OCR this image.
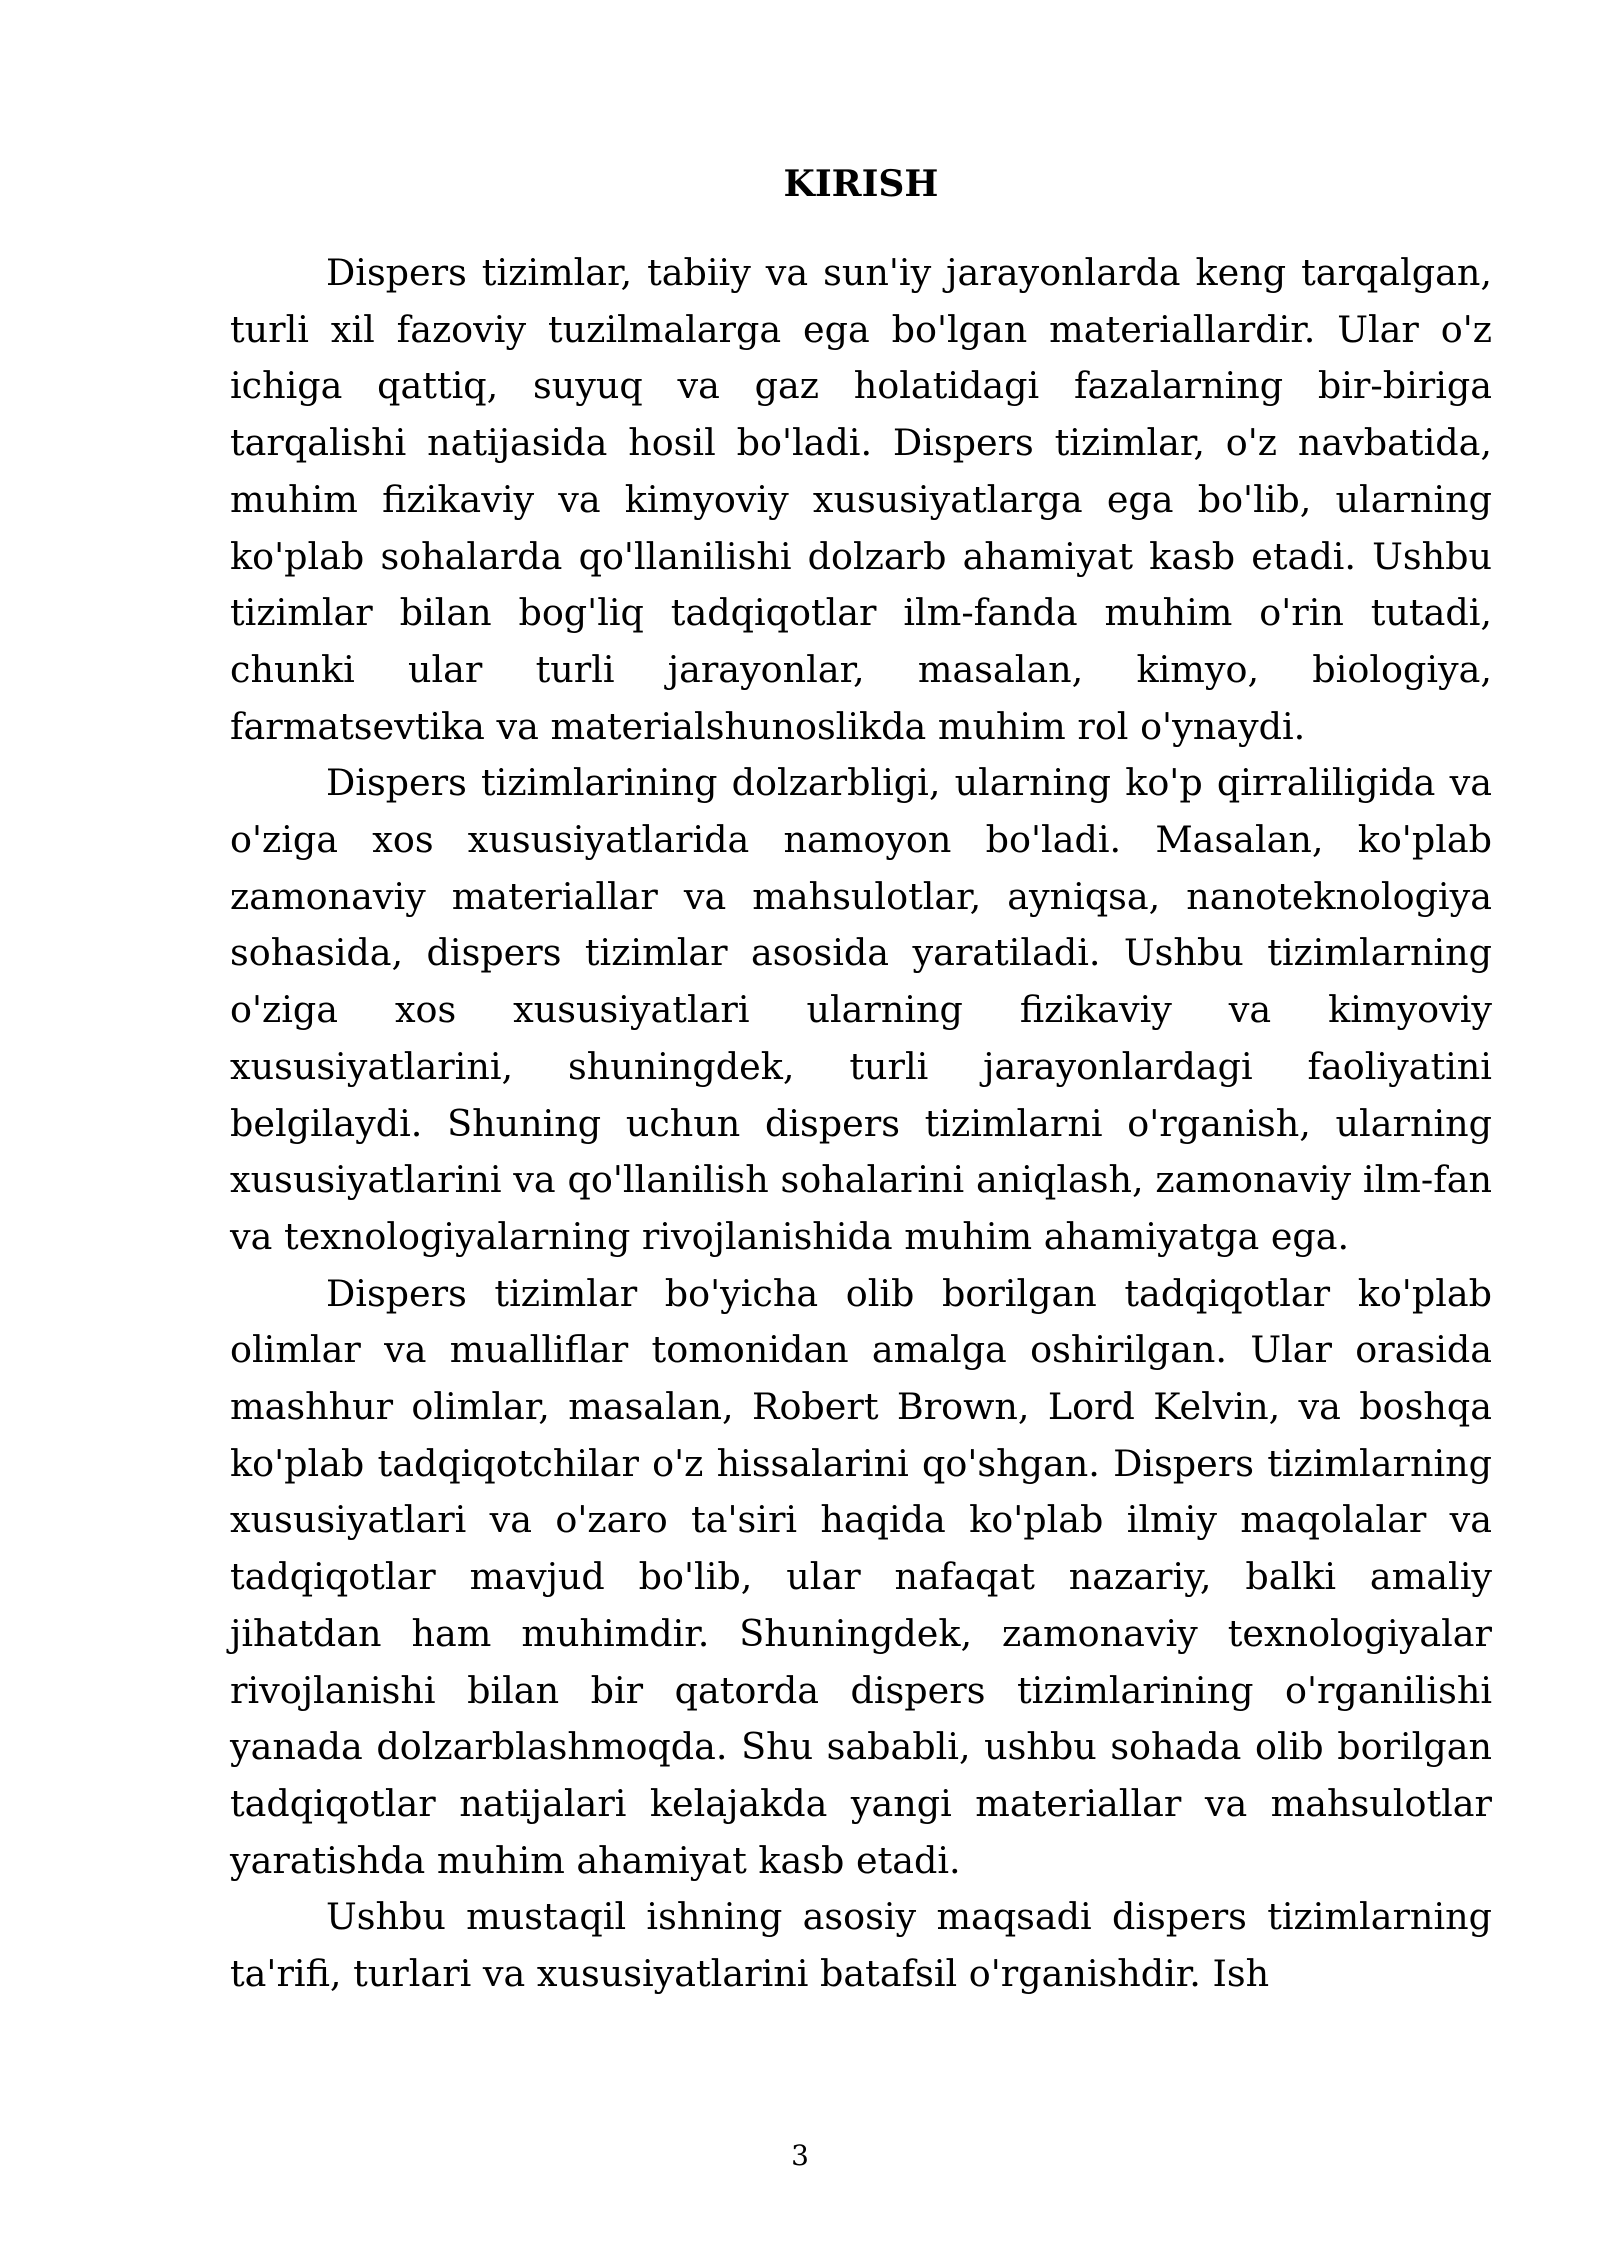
KIRISH

Dispers tizimlar, tabiiy va sun'iy jarayonlarda keng tarqalgan, turli xil fazoviy tuzilmalarga ega bo'lgan materiallardir. Ular o'z ichiga qattiq, suyuq va gaz holatidagi fazalarning bir-biriga tarqalishi natijasida hosil bo'ladi. Dispers tizimlar, o'z navbatida, muhim fizikaviy va kimyoviy xususiyatlarga ega bo'lib, ularning ko'plab sohalarda qo'llanilishi dolzarb ahamiyat kasb etadi. Ushbu tizimlar bilan bog'liq tadqiqotlar ilm-fanda muhim o'rin tutadi, chunki ular turli jarayonlar, masalan, kimyo, biologiya, farmatsevtika va materialshunoslikda muhim rol o'ynaydi.

Dispers tizimlarining dolzarbligi, ularning ko'p qirraliligida va o'ziga xos xususiyatlarida namoyon bo'ladi. Masalan, ko'plab zamonaviy materiallar va mahsulotlar, ayniqsa, nanoteknologiya sohasida, dispers tizimlar asosida yaratiladi. Ushbu tizimlarning o'ziga xos xususiyatlari ularning fizikaviy va kimyoviy xususiyatlarini, shuningdek, turli jarayonlardagi faoliyatini belgilaydi. Shuning uchun dispers tizimlarni o'rganish, ularning xususiyatlarini va qo'llanilish sohalarini aniqlash, zamonaviy ilm-fan va texnologiyalarning rivojlanishida muhim ahamiyatga ega.

Dispers tizimlar bo'yicha olib borilgan tadqiqotlar ko'plab olimlar va mualliflar tomonidan amalga oshirilgan. Ular orasida mashhur olimlar, masalan, Robert Brown, Lord Kelvin, va boshqa ko'plab tadqiqotchilar o'z hissalarini qo'shgan. Dispers tizimlarning xususiyatlari va o'zaro ta'siri haqida ko'plab ilmiy maqolalar va tadqiqotlar mavjud bo'lib, ular nafaqat nazariy, balki amaliy jihatdan ham muhimdir. Shuningdek, zamonaviy texnologiyalar rivojlanishi bilan bir qatorda dispers tizimlarining o'rganilishi yanada dolzarblashmoqda. Shu sababli, ushbu sohada olib borilgan tadqiqotlar natijalari kelajakda yangi materiallar va mahsulotlar yaratishda muhim ahamiyat kasb etadi.

Ushbu mustaqil ishning asosiy maqsadi dispers tizimlarning ta'rifi, turlari va xususiyatlarini batafsil o'rganishdir. Ish

3
